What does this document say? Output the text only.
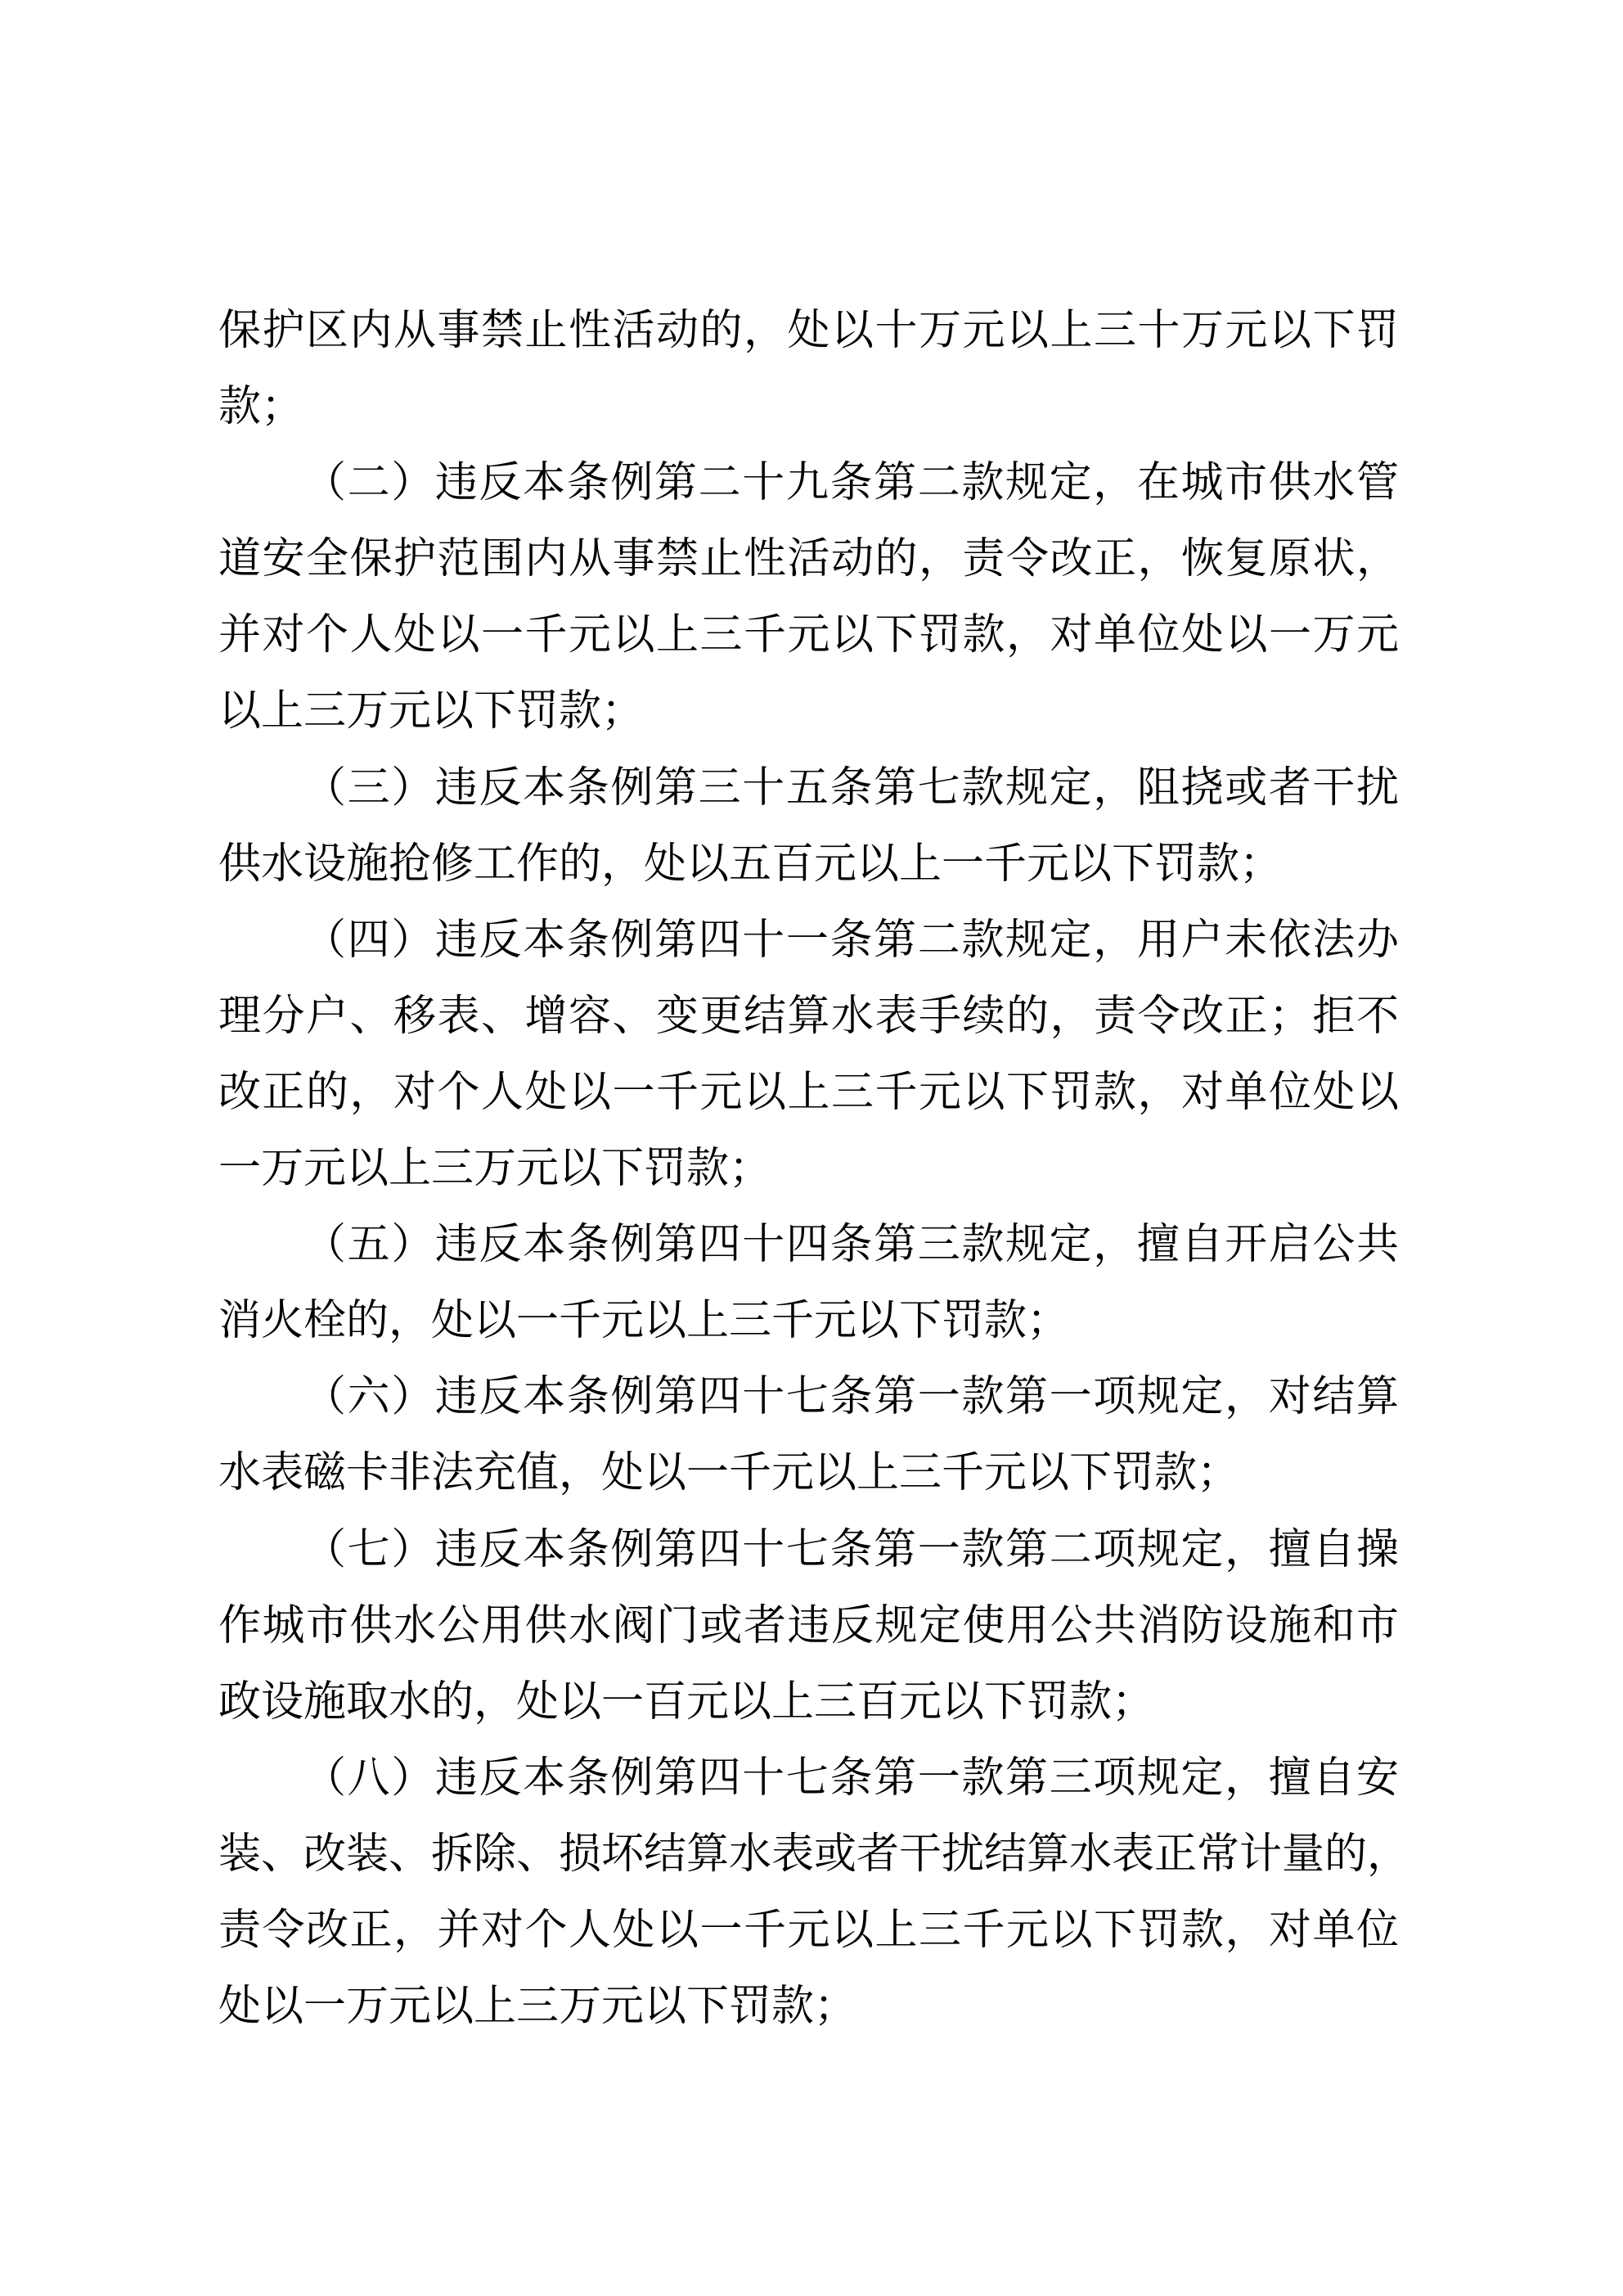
保护区内从事禁止性活动的，处以十万元以上三十万元以下罚
款；
（二）违反本条例第二十九条第二款规定，在城市供水管
道安全保护范围内从事禁止性活动的，责令改正，恢复原状，
并对个人处以一千元以上三千元以下罚款，对单位处以一万元
以上三万元以下罚款；
（三）违反本条例第三十五条第七款规定，阻挠或者干扰
供水设施抢修工作的，处以五百元以上一千元以下罚款；
（四）违反本条例第四十一条第二款规定，用户未依法办
理分户、移表、增容、变更结算水表手续的，责令改正；拒不
改正的，对个人处以一千元以上三千元以下罚款，对单位处以
一万元以上三万元以下罚款；
（五）违反本条例第四十四条第三款规定，擅自开启公共
消火栓的，处以一千元以上三千元以下罚款；
（六）违反本条例第四十七条第一款第一项规定，对结算
水表磁卡非法充值，处以一千元以上三千元以下罚款；
（七）违反本条例第四十七条第一款第二项规定，擅自操
作城市供水公用供水阀门或者违反规定使用公共消防设施和市
政设施取水的，处以一百元以上三百元以下罚款；
（八）违反本条例第四十七条第一款第三项规定，擅自安
装、改装、拆除、损坏结算水表或者干扰结算水表正常计量的，
责令改正，并对个人处以一千元以上三千元以下罚款，对单位
处以一万元以上三万元以下罚款；
